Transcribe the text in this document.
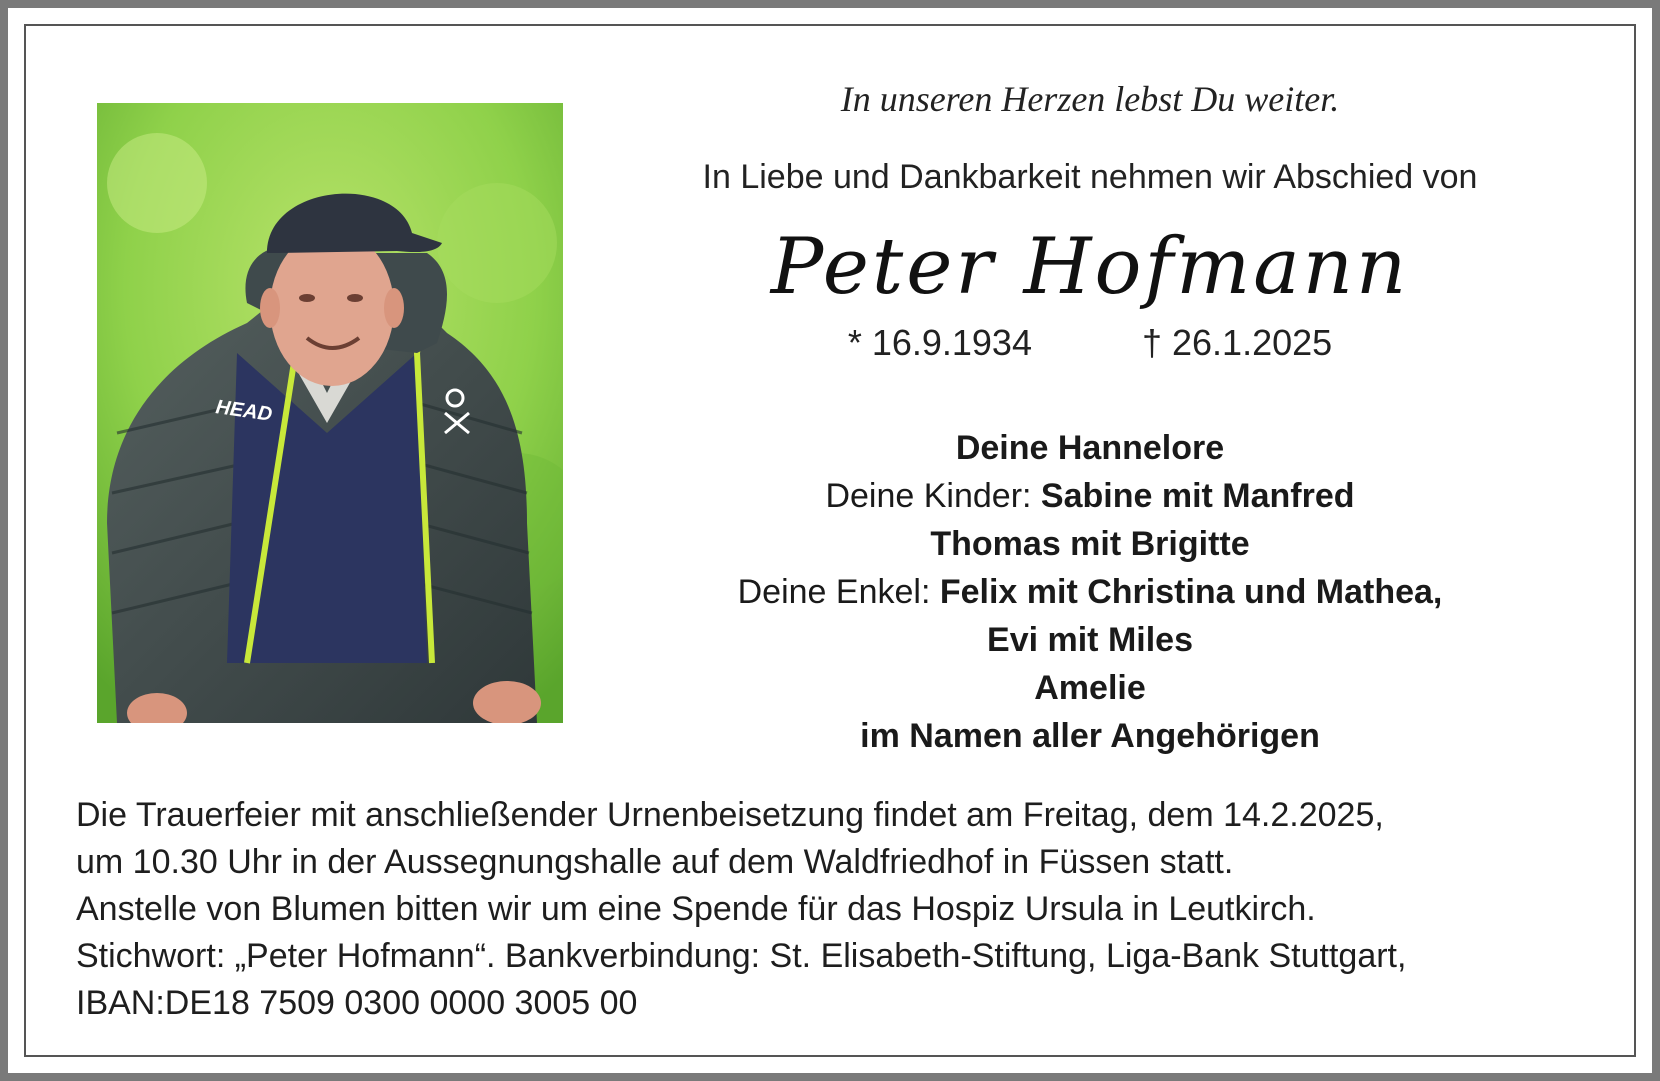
HEAD
In unseren Herzen lebst Du weiter.
In Liebe und Dankbarkeit nehmen wir Abschied von
Peter Hofmann
* 16.9.1934	† 26.1.2025
Deine Hannelore
Deine Kinder: Sabine mit Manfred
Thomas mit Brigitte
Deine Enkel: Felix mit Christina und Mathea,
Evi mit Miles
Amelie
im Namen aller Angehörigen
Die Trauerfeier mit anschließender Urnenbeisetzung findet am Freitag, dem 14.2.2025,
um 10.30 Uhr in der Aussegnungshalle auf dem Waldfriedhof in Füssen statt.
Anstelle von Blumen bitten wir um eine Spende für das Hospiz Ursula in Leutkirch.
Stichwort: „Peter Hofmann“. Bankverbindung: St. Elisabeth-Stiftung, Liga-Bank Stuttgart,
IBAN:DE18 7509 0300 0000 3005 00
